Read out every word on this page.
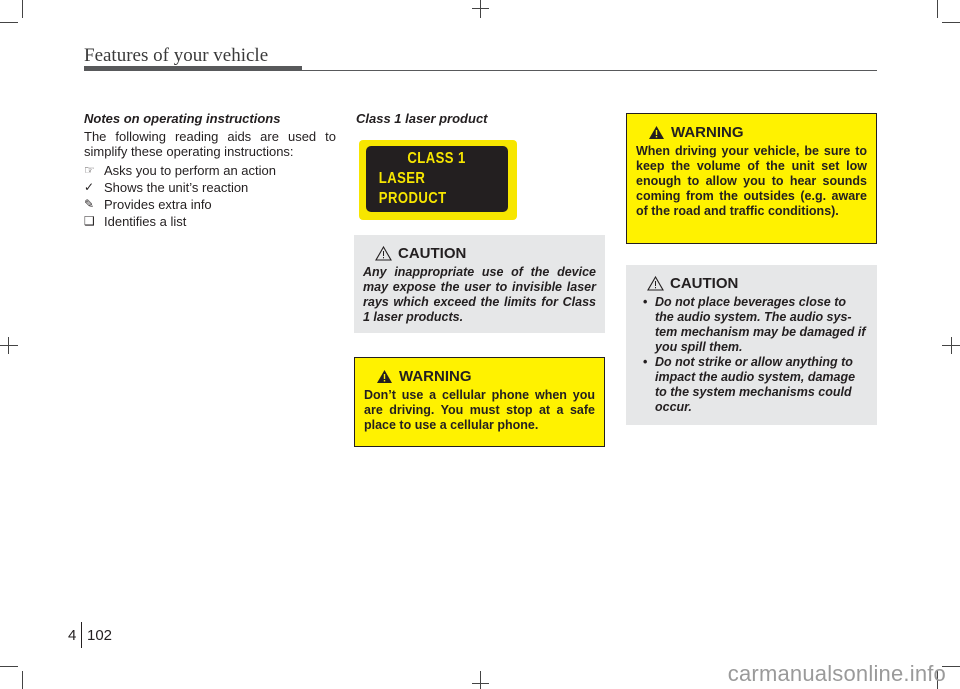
Features of your vehicle
Notes on operating instructions
The following reading aids are used to simplify these operating instructions:
☞ Asks you to perform an action
✓ Shows the unit’s reaction
✎ Provides extra info
❑ Identifies a list
Class 1 laser product
CLASS 1
LASER PRODUCT
CAUTION
Any inappropriate use of the device may expose the user to invisible laser rays which exceed the limits for Class 1 laser products.
WARNING
Don’t use a cellular phone when you are driving. You must stop at a safe place to use a cellular phone.
WARNING
When driving your vehicle, be sure to keep the volume of the unit set low enough to allow you to hear sounds coming from the outsides (e.g. aware of the road and traffic conditions).
CAUTION
• Do not place beverages close to the audio system. The audio sys-tem mechanism may be damaged if you spill them.
• Do not strike or allow anything to impact the audio system, damage to the system mechanisms could occur.
4 102
carmanualsonline.info
